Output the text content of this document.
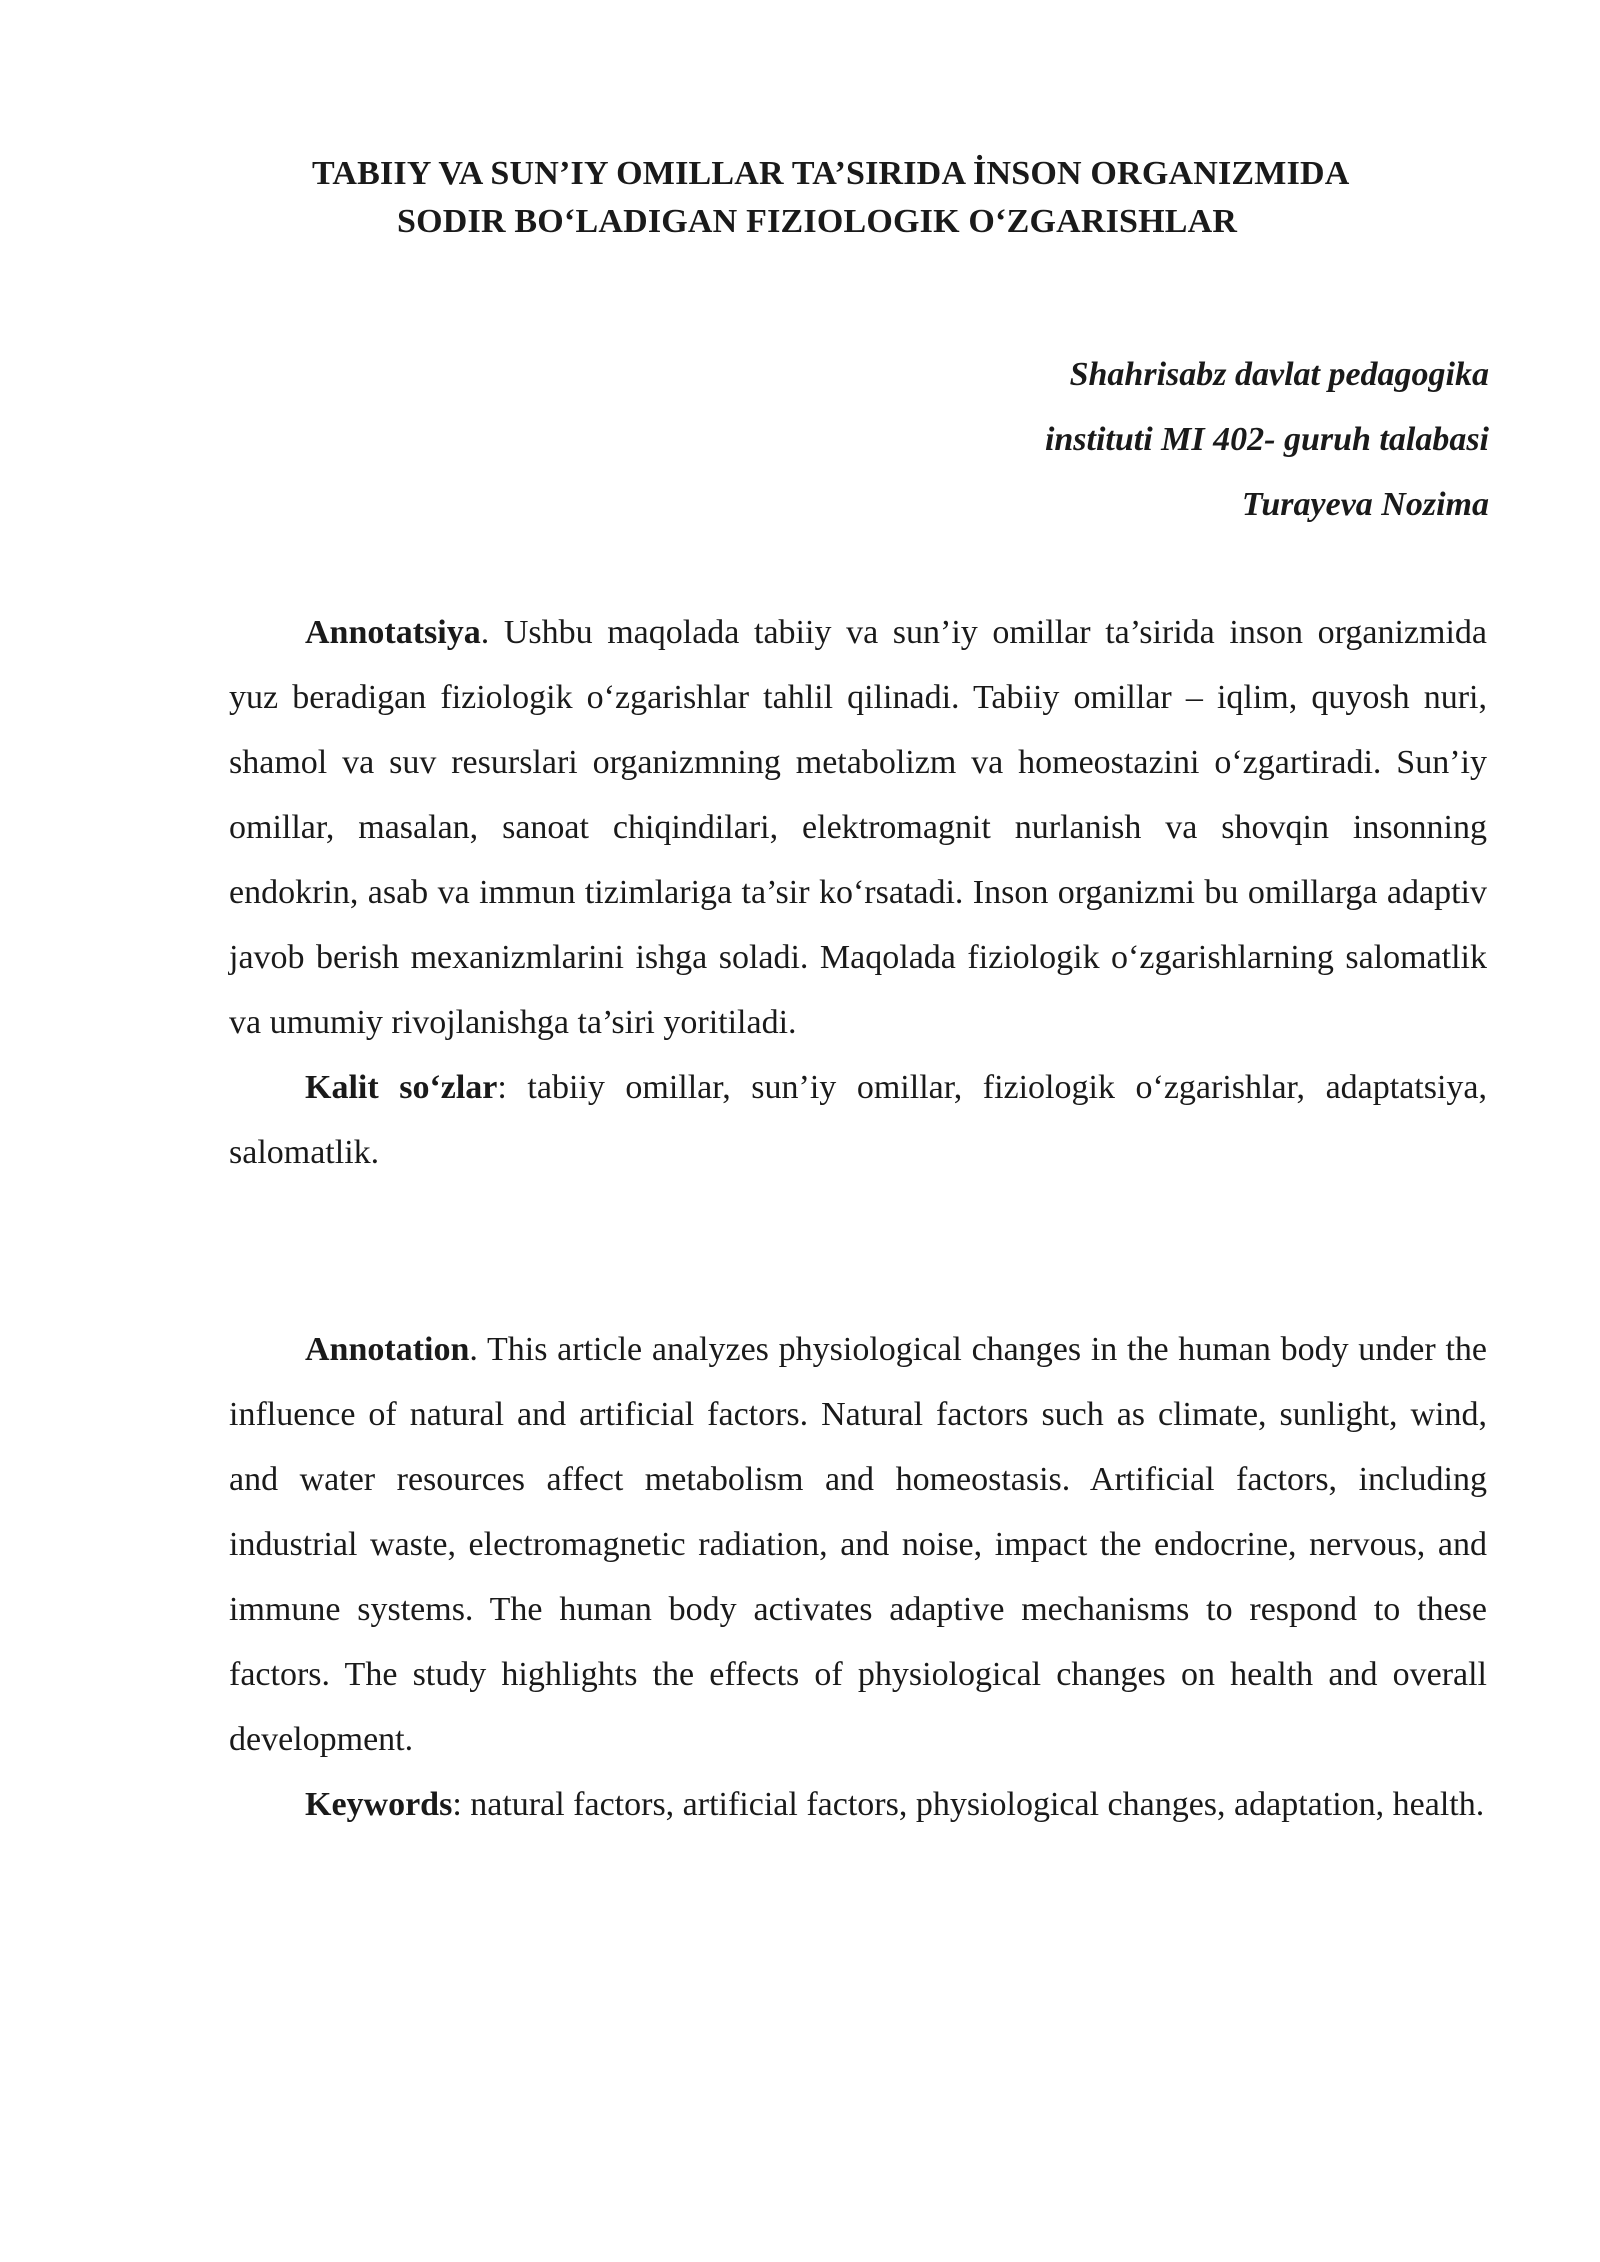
TABIIY VA SUN’IY OMILLAR TA’SIRIDA İNSON ORGANIZMIDA
SODIR BO‘LADIGAN FIZIOLOGIK O‘ZGARISHLAR
Shahrisabz davlat pedagogika
instituti MI 402- guruh talabasi
Turayeva Nozima

Annotatsiya. Ushbu maqolada tabiiy va sun’iy omillar ta’sirida inson organizmida yuz beradigan fiziologik o‘zgarishlar tahlil qilinadi. Tabiiy omillar – iqlim, quyosh nuri, shamol va suv resurslari organizmning metabolizm va homeostazini o‘zgartiradi. Sun’iy omillar, masalan, sanoat chiqindilari, elektromagnit nurlanish va shovqin insonning endokrin, asab va immun tizimlariga ta’sir ko‘rsatadi. Inson organizmi bu omillarga adaptiv javob berish mexanizmlarini ishga soladi. Maqolada fiziologik o‘zgarishlarning salomatlik va umumiy rivojlanishga ta’siri yoritiladi.

Kalit so‘zlar: tabiiy omillar, sun’iy omillar, fiziologik o‘zgarishlar, adaptatsiya, salomatlik.

Annotation. This article analyzes physiological changes in the human body under the influence of natural and artificial factors. Natural factors such as climate, sunlight, wind, and water resources affect metabolism and homeostasis. Artificial factors, including industrial waste, electromagnetic radiation, and noise, impact the endocrine, nervous, and immune systems. The human body activates adaptive mechanisms to respond to these factors. The study highlights the effects of physiological changes on health and overall development.

Keywords: natural factors, artificial factors, physiological changes, adaptation, health.
